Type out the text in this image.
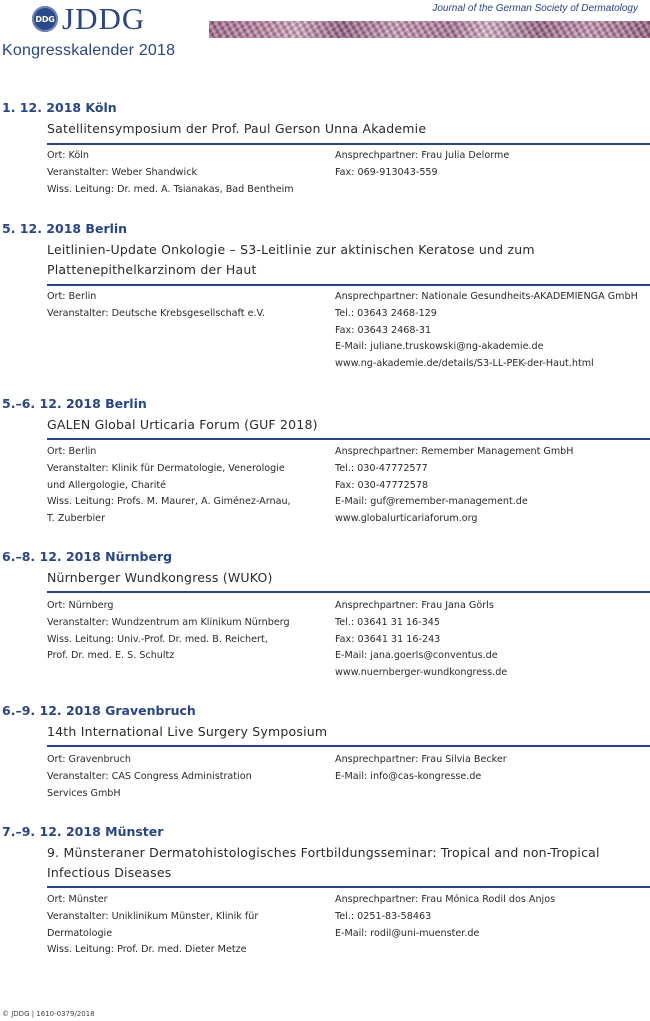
DDG JDDG	Journal of the German Society of Dermatology
Kongresskalender 2018
1. 12. 2018 Köln
Satellitensymposium der Prof. Paul Gerson Unna Akademie
Ort: Köln
Veranstalter: Weber Shandwick
Wiss. Leitung: Dr. med. A. Tsianakas, Bad Bentheim
Ansprechpartner: Frau Julia Delorme
Fax: 069-913043-559
5. 12. 2018 Berlin
Leitlinien-Update Onkologie – S3-Leitlinie zur aktinischen Keratose und zum
Plattenepithelkarzinom der Haut
Ort: Berlin
Veranstalter: Deutsche Krebsgesellschaft e.V.
Ansprechpartner: Nationale Gesundheits-AKADEMIENGA GmbH
Tel.: 03643 2468-129
Fax: 03643 2468-31
E-Mail: juliane.truskowski@ng-akademie.de
www.ng-akademie.de/details/S3-LL-PEK-der-Haut.html
5.–6. 12. 2018 Berlin
GALEN Global Urticaria Forum (GUF 2018)
Ort: Berlin
Veranstalter: Klinik für Dermatologie, Venerologie
und Allergologie, Charité
Wiss. Leitung: Profs. M. Maurer, A. Giménez-Arnau,
T. Zuberbier
Ansprechpartner: Remember Management GmbH
Tel.: 030-47772577
Fax: 030-47772578
E-Mail: guf@remember-management.de
www.globalurticariaforum.org
6.–8. 12. 2018 Nürnberg
Nürnberger Wundkongress (WUKO)
Ort: Nürnberg
Veranstalter: Wundzentrum am Klinikum Nürnberg
Wiss. Leitung: Univ.-Prof. Dr. med. B. Reichert,
Prof. Dr. med. E. S. Schultz
Ansprechpartner: Frau Jana Görls
Tel.: 03641 31 16-345
Fax: 03641 31 16-243
E-Mail: jana.goerls@conventus.de
www.nuernberger-wundkongress.de
6.–9. 12. 2018 Gravenbruch
14th International Live Surgery Symposium
Ort: Gravenbruch
Veranstalter: CAS Congress Administration
Services GmbH
Ansprechpartner: Frau Silvia Becker
E-Mail: info@cas-kongresse.de
7.–9. 12. 2018 Münster
9. Münsteraner Dermatohistologisches Fortbildungsseminar: Tropical and non-Tropical
Infectious Diseases
Ort: Münster
Veranstalter: Uniklinikum Münster, Klinik für
Dermatologie
Wiss. Leitung: Prof. Dr. med. Dieter Metze
Ansprechpartner: Frau Mónica Rodil dos Anjos
Tel.: 0251-83-58463
E-Mail: rodil@uni-muenster.de
© JDDG | 1610-0379/2018
